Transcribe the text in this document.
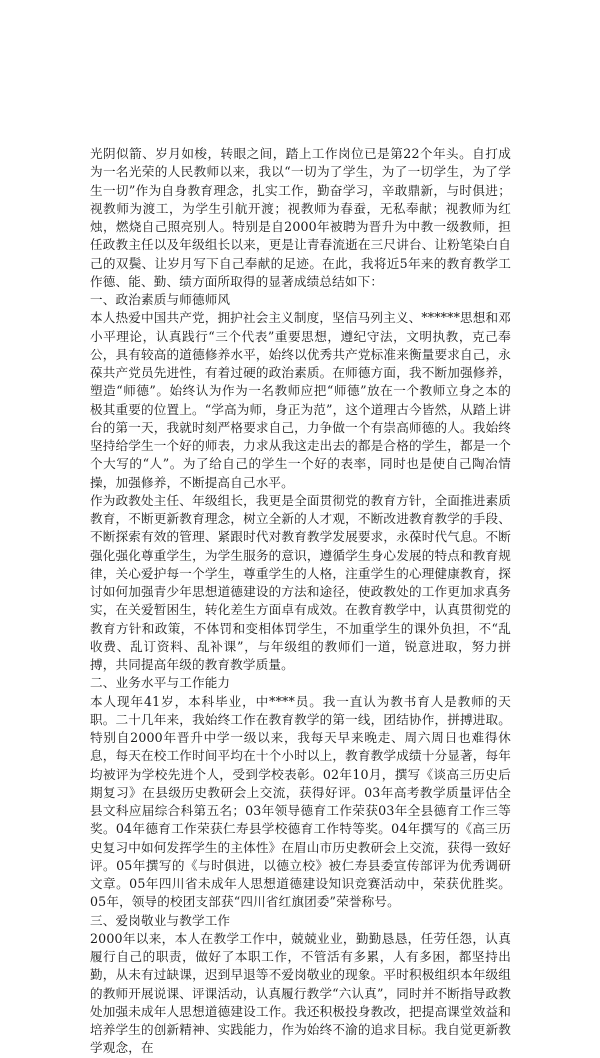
光阴似箭、岁月如梭，转眼之间，踏上工作岗位已是第22个年头。自打成为一名光荣的人民教师以来，我以“一切为了学生，为了一切学生，为了学生一切”作为自身教育理念，扎实工作，勤奋学习，辛敢鼎新，与时俱进；视教师为渡工，为学生引航开渡；视教师为春蚕，无私奉献；视教师为红烛，燃烧自己照亮别人。特别是自2000年被聘为晋升为中教一级教师，担任政教主任以及年级组长以来，更是让青春流逝在三尺讲台、让粉笔染白自己的双鬓、让岁月写下自己奉献的足迹。在此，我将近5年来的教育教学工作德、能、勤、绩方面所取得的显著成绩总结如下：

一、政治素质与师德师风

本人热爱中国共产党，拥护社会主义制度，坚信马列主义、******思想和邓小平理论，认真践行“三个代表”重要思想，遵纪守法，文明执教，克己奉公，具有较高的道德修养水平，始终以优秀共产党标准来衡量要求自己，永葆共产党员先进性，有着过硬的政治素质。在师德方面，我不断加强修养，塑造“师德”。始终认为作为一名教师应把“师德”放在一个教师立身之本的极其重要的位置上。“学高为师，身正为范”，这个道理古今皆然，从踏上讲台的第一天，我就时刻严格要求自己，力争做一个有崇高师德的人。我始终坚持给学生一个好的师表，力求从我这走出去的都是合格的学生，都是一个个大写的“人”。为了给自己的学生一个好的表率，同时也是使自己陶冶情操，加强修养，不断提高自己水平。

作为政教处主任、年级组长，我更是全面贯彻党的教育方针，全面推进素质教育，不断更新教育理念，树立全新的人才观，不断改进教育教学的手段、不断探索有效的管理、紧跟时代对教育教学发展要求，永葆时代气息。不断强化强化尊重学生，为学生服务的意识，遵循学生身心发展的特点和教育规律，关心爱护每一个学生，尊重学生的人格，注重学生的心理健康教育，探讨如何加强青少年思想道德建设的方法和途径，使政教处的工作更加求真务实，在关爱暂困生，转化差生方面卓有成效。在教育教学中，认真贯彻党的教育方针和政策，不体罚和变相体罚学生，不加重学生的课外负担，不“乱收费、乱订资料、乱补课”，与年级组的教师们一道，锐意进取，努力拼搏，共同提高年级的教育教学质量。

二、业务水平与工作能力

本人现年41岁，本科毕业，中****员。我一直认为教书育人是教师的天职。二十几年来，我始终工作在教育教学的第一线，团结协作，拼搏进取。特别自2000年晋升中学一级以来，我每天早来晚走、周六周日也难得休息，每天在校工作时间平均在十个小时以上，教育教学成绩十分显著，每年均被评为学校先进个人，受到学校表彰。02年10月，撰写《谈高三历史后期复习》在县级历史教研会上交流，获得好评。03年高考教学质量评估全县文科应届综合科第五名；03年领导德育工作荣获03年全县德育工作三等奖。04年德育工作荣获仁寿县学校德育工作特等奖。04年撰写的《高三历史复习中如何发挥学生的主体性》在眉山市历史教研会上交流，获得一致好评。05年撰写的《与时俱进，以德立校》被仁寿县委宣传部评为优秀调研文章。05年四川省未成年人思想道德建设知识竞赛活动中，荣获优胜奖。05年，领导的校团支部获“四川省红旗团委”荣誉称号。

三、爱岗敬业与教学工作

2000年以来，本人在教学工作中，兢兢业业，勤勤恳恳，任劳任怨，认真履行自己的职责，做好了本职工作，不管活有多累，人有多困，都坚持出勤，从未有过缺课，迟到早退等不爱岗敬业的现象。平时积极组织本年级组的教师开展说课、评课活动，认真履行教学“六认真”，同时并不断指导政教处加强未成年人思想道德建设工作。我还积极投身教改，把提高课堂效益和培养学生的创新精神、实践能力，作为始终不渝的追求目标。我自觉更新教学观念，在
